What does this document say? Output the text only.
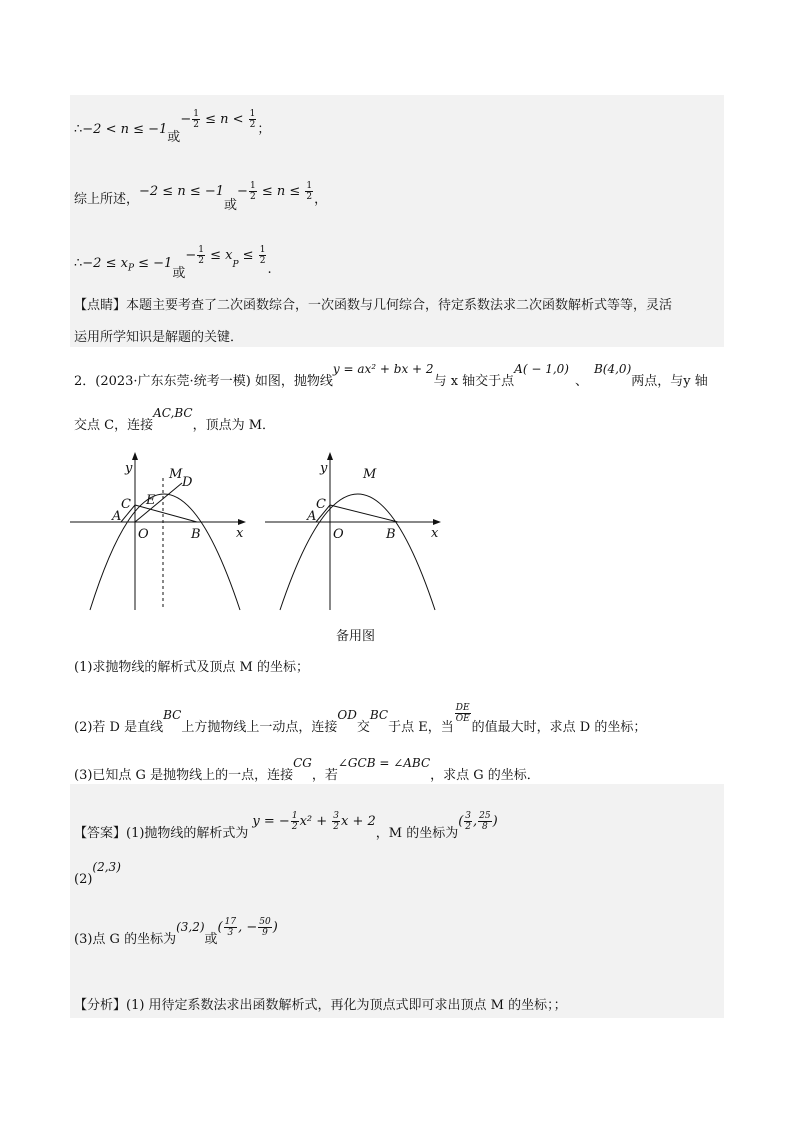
∴−2 < n ≤ −1或− $\frac{1}{2} \le n < \frac{1}{2}$ ；
综上所述，−2 ≤ n ≤ −1或− $\frac{1}{2} \le n \le \frac{1}{2}$ ，
∴−2 ≤ $x_P \le -1$或− $\frac{1}{2} \le x_P \le \frac{1}{2}$
.
【点睛】本题主要考查了二次函数综合，一次函数与几何综合，待定系数法求二次函数解析式等等，灵活
运用所学知识是解题的关键．
2．(2023·广东东莞·统考一模) 如图，抛物线y = ax² + bx + 2与 x 轴交于点A( − 1,0)、B(4,0)两点，与y 轴
交点 C，连接AC,BC，顶点为 M．
y
x
O
A
B
C
M
D
E
y
x
O
A
B
C
M
备用图
(1)求抛物线的解析式及顶点 M 的坐标；
(2)若 D 是直线BC上方抛物线上一动点，连接OD交BC于点 E，当
$\frac{DE}{OE}$
的值最大时，求点 D 的坐标；
(3)已知点 G 是抛物线上的一点，连接CG，若∠GCB = ∠ABC，求点 G 的坐标．
【答案】(1)抛物线的解析式为y = − $\frac{1}{2} x^2 + \frac{3}{2}$ x + 2，M 的坐标为( $\frac{3}{2}$ , $\frac{25}{8}$ )
(2)(2,3)
(3)点 G 的坐标为(3,2)或( $\frac{17}{3}$ , − $\frac{50}{9}$ )
【分析】(1) 用待定系数法求出函数解析式，再化为顶点式即可求出顶点 M 的坐标；；
